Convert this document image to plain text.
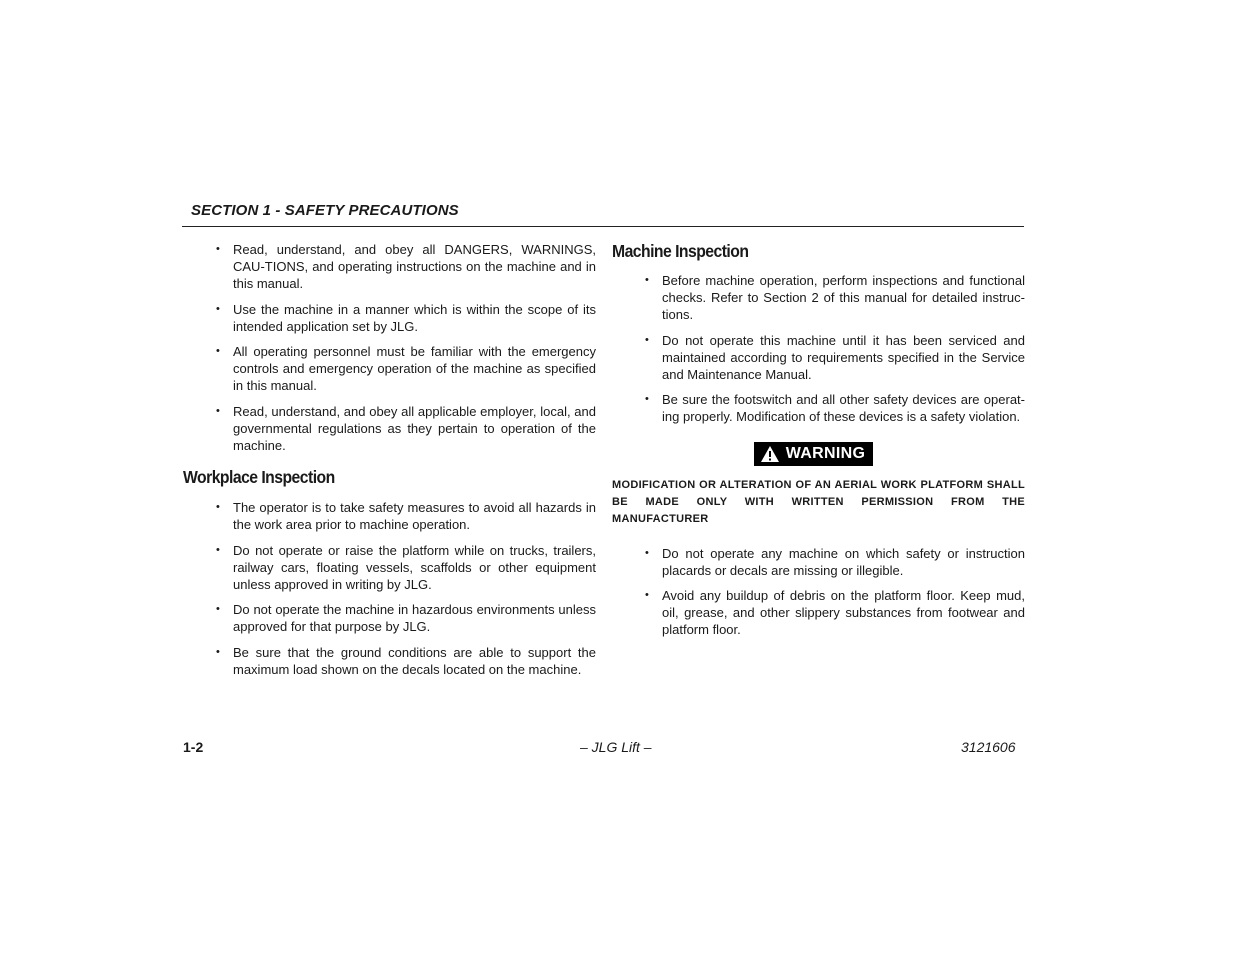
SECTION 1 - SAFETY PRECAUTIONS
• Read, understand, and obey all DANGERS, WARNINGS, CAU-TIONS, and operating instructions on the machine and in this manual.
• Use the machine in a manner which is within the scope of its intended application set by JLG.
• All operating personnel must be familiar with the emergency controls and emergency operation of the machine as specified in this manual.
• Read, understand, and obey all applicable employer, local, and governmental regulations as they pertain to operation of the machine.
Workplace Inspection
• The operator is to take safety measures to avoid all hazards in the work area prior to machine operation.
• Do not operate or raise the platform while on trucks, trailers, railway cars, floating vessels, scaffolds or other equipment unless approved in writing by JLG.
• Do not operate the machine in hazardous environments unless approved for that purpose by JLG.
• Be sure that the ground conditions are able to support the maximum load shown on the decals located on the machine.
Machine Inspection
• Before machine operation, perform inspections and functional checks. Refer to Section 2 of this manual for detailed instruc-tions.
• Do not operate this machine until it has been serviced and maintained according to requirements specified in the Service and Maintenance Manual.
• Be sure the footswitch and all other safety devices are operat-ing properly. Modification of these devices is a safety violation.
WARNING

MODIFICATION OR ALTERATION OF AN AERIAL WORK PLATFORM SHALL BE MADE ONLY WITH WRITTEN PERMISSION FROM THE MANUFACTURER

• Do not operate any machine on which safety or instruction placards or decals are missing or illegible.
• Avoid any buildup of debris on the platform floor. Keep mud, oil, grease, and other slippery substances from footwear and platform floor.
1-2	– JLG Lift –	3121606
